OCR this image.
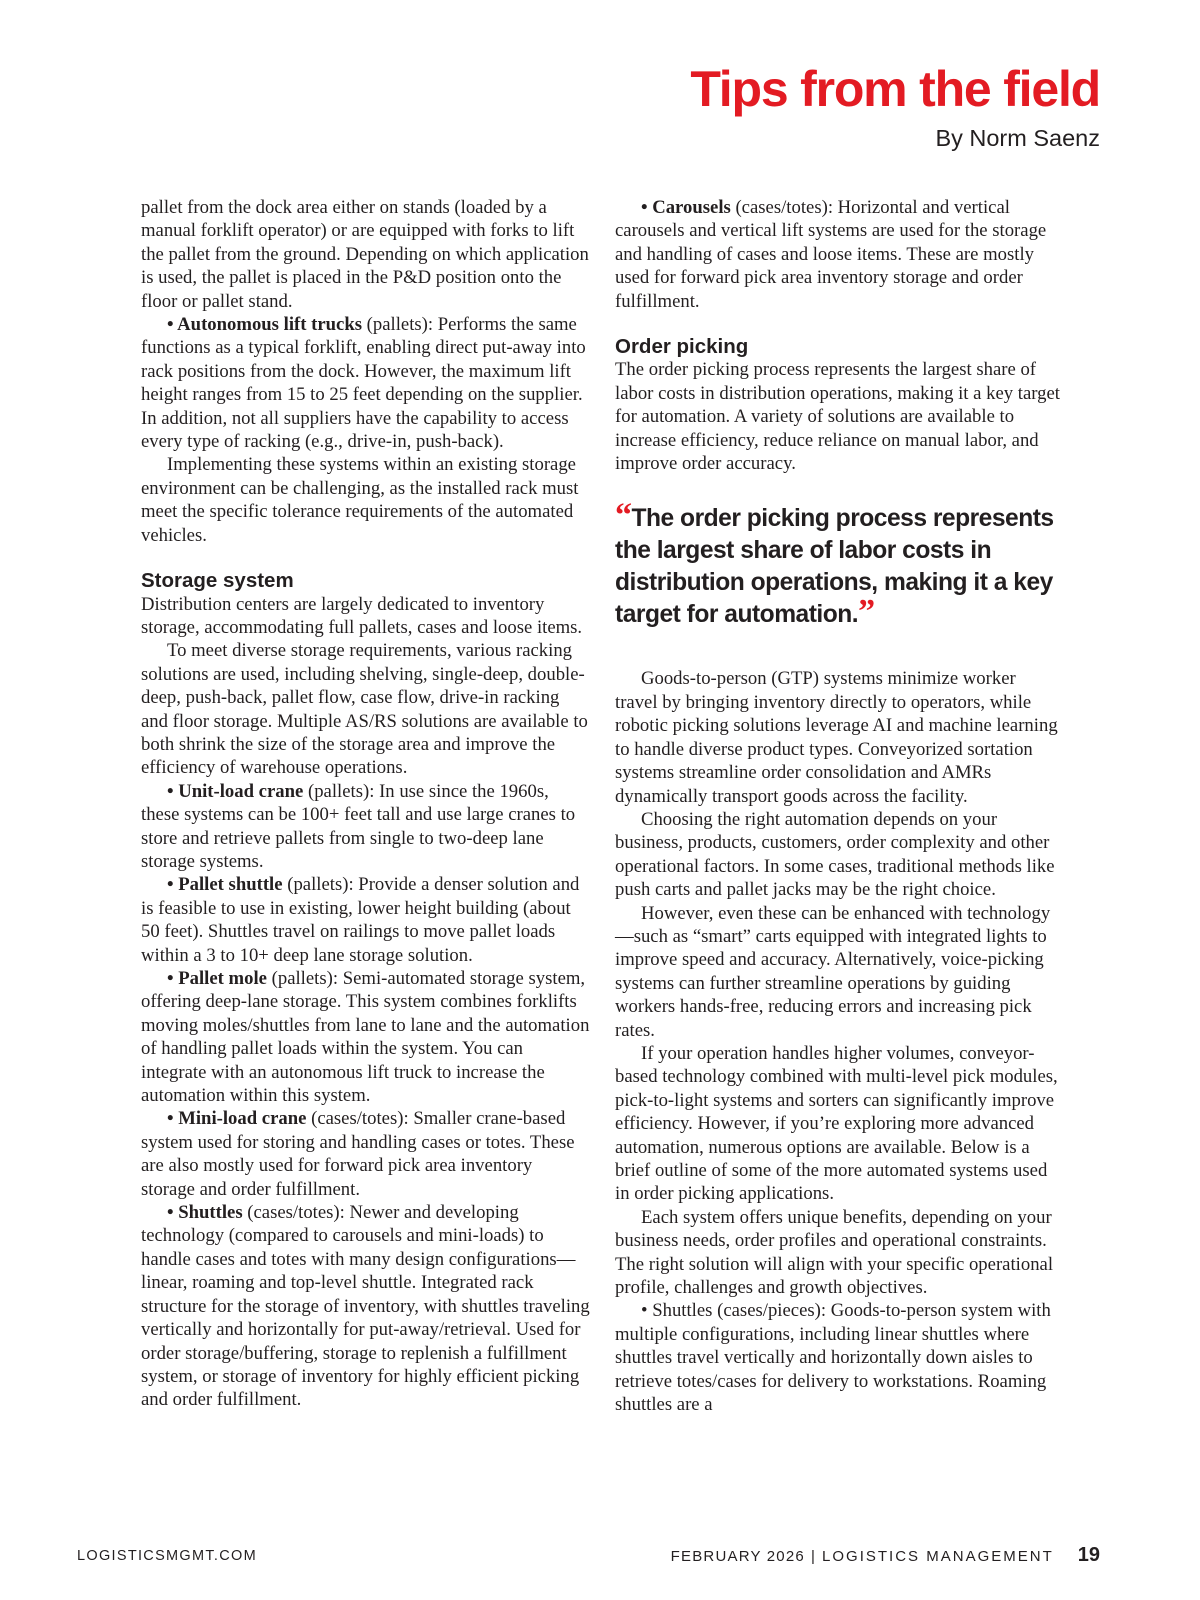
Tips from the field
By Norm Saenz

pallet from the dock area either on stands (loaded by a manual forklift operator) or are equipped with forks to lift the pallet from the ground. Depending on which application is used, the pallet is placed in the P&D position onto the floor or pallet stand.

• Autonomous lift trucks (pallets): Performs the same functions as a typical forklift, enabling direct put-away into rack positions from the dock. However, the maximum lift height ranges from 15 to 25 feet depending on the supplier. In addition, not all suppliers have the capability to access every type of racking (e.g., drive-in, push-back).

Implementing these systems within an existing storage environment can be challenging, as the installed rack must meet the specific tolerance requirements of the automated vehicles.

Storage system

Distribution centers are largely dedicated to inventory storage, accommodating full pallets, cases and loose items.

To meet diverse storage requirements, various racking solutions are used, including shelving, single-deep, double-deep, push-back, pallet flow, case flow, drive-in racking and floor storage. Multiple AS/RS solutions are available to both shrink the size of the storage area and improve the efficiency of warehouse operations.

• Unit-load crane (pallets): In use since the 1960s, these systems can be 100+ feet tall and use large cranes to store and retrieve pallets from single to two-deep lane storage systems.

• Pallet shuttle (pallets): Provide a denser solution and is feasible to use in existing, lower height building (about 50 feet). Shuttles travel on railings to move pallet loads within a 3 to 10+ deep lane storage solution.

• Pallet mole (pallets): Semi-automated storage system, offering deep-lane storage. This system combines forklifts moving moles/shuttles from lane to lane and the automation of handling pallet loads within the system. You can integrate with an autonomous lift truck to increase the automation within this system.

• Mini-load crane (cases/totes): Smaller crane-based system used for storing and handling cases or totes. These are also mostly used for forward pick area inventory storage and order fulfillment.

• Shuttles (cases/totes): Newer and developing technology (compared to carousels and mini-loads) to handle cases and totes with many design configurations—linear, roaming and top-level shuttle. Integrated rack structure for the storage of inventory, with shuttles traveling vertically and horizontally for put-away/retrieval. Used for order storage/buffering, storage to replenish a fulfillment system, or storage of inventory for highly efficient picking and order fulfillment.

• Carousels (cases/totes): Horizontal and vertical carousels and vertical lift systems are used for the storage and handling of cases and loose items. These are mostly used for forward pick area inventory storage and order fulfillment.

Order picking

The order picking process represents the largest share of labor costs in distribution operations, making it a key target for automation. A variety of solutions are available to increase efficiency, reduce reliance on manual labor, and improve order accuracy.

“The order picking process represents the largest share of labor costs in distribution operations, making it a key target for automation.”

Goods-to-person (GTP) systems minimize worker travel by bringing inventory directly to operators, while robotic picking solutions leverage AI and machine learning to handle diverse product types. Conveyorized sortation systems streamline order consolidation and AMRs dynamically transport goods across the facility.

Choosing the right automation depends on your business, products, customers, order complexity and other operational factors. In some cases, traditional methods like push carts and pallet jacks may be the right choice.

However, even these can be enhanced with technology—such as “smart” carts equipped with integrated lights to improve speed and accuracy. Alternatively, voice-picking systems can further streamline operations by guiding workers hands-free, reducing errors and increasing pick rates.

If your operation handles higher volumes, conveyor-based technology combined with multi-level pick modules, pick-to-light systems and sorters can significantly improve efficiency. However, if you’re exploring more advanced automation, numerous options are available. Below is a brief outline of some of the more automated systems used in order picking applications.

Each system offers unique benefits, depending on your business needs, order profiles and operational constraints. The right solution will align with your specific operational profile, challenges and growth objectives.

• Shuttles (cases/pieces): Goods-to-person system with multiple configurations, including linear shuttles where shuttles travel vertically and horizontally down aisles to retrieve totes/cases for delivery to workstations. Roaming shuttles are a

LOGISTICSMGMT.COM	FEBRUARY 2026 | LOGISTICS MANAGEMENT 19
